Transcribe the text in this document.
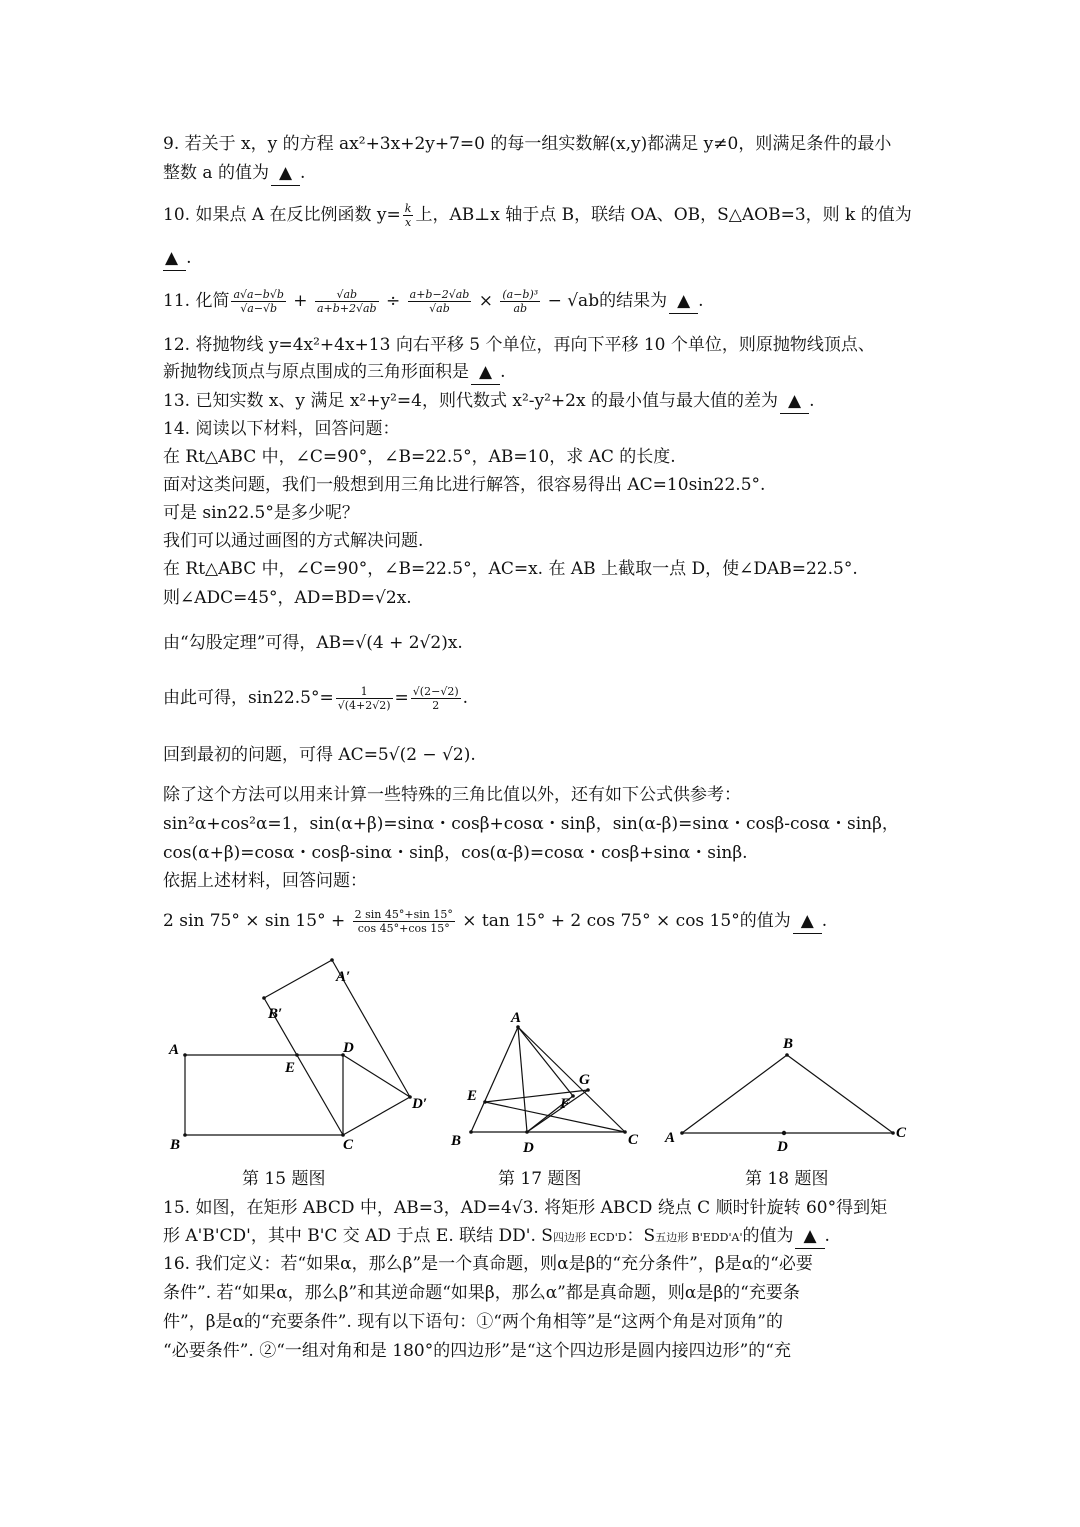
9. 若关于 x，y 的方程 ax²+3x+2y+7=0 的每一组实数解(x,y)都满足 y≠0，则满足条件的最小
整数 a 的值为 ▲ .
10. 如果点 A 在反比例函数 $y= \frac{k}{x}$ 上，AB⊥x 轴于点 B，联结 OA、OB，S△AOB=3，则 k 的值为
▲ .
11. 化简 $\frac{a√a-b√b}{√a-√b} + \frac{√ab}{a+b+2√ab} \div \frac{a+b-2√ab}{√ab} \times \frac{\text{(a−b)³}}{ab} - √ab$的结果为 ▲ .
12. 将抛物线 y=4x²+4x+13 向右平移 5 个单位，再向下平移 10 个单位，则原抛物线顶点、
新抛物线顶点与原点围成的三角形面积是 ▲ .
13. 已知实数 x、y 满足 x²+y²=4，则代数式 x²-y²+2x 的最小值与最大值的差为 ▲ .
14. 阅读以下材料，回答问题：
在 Rt△ABC 中，∠C=90°，∠B=22.5°，AB=10，求 AC 的长度.
面对这类问题，我们一般想到用三角比进行解答，很容易得出 AC=10sin22.5°.
可是 sin22.5°是多少呢？
我们可以通过画图的方式解决问题.
在 Rt△ABC 中，∠C=90°，∠B=22.5°，AC=x. 在 AB 上截取一点 D，使∠DAB=22.5°.
则∠ADC=45°，AD=BD=√2x.
由“勾股定理”可得，AB=√(4 + 2√2)x.
由此可得，$\sin 22.5^\circ= \frac{1}{√(4+2√2)} = \frac{√(2-√2)}{2}$ .
回到最初的问题，可得 AC=5√(2 − √2).
除了这个方法可以用来计算一些特殊的三角比值以外，还有如下公式供参考：
sin²α+cos²α=1，sin(α+β)=sinα・cosβ+cosα・sinβ，sin(α-β)=sinα・cosβ-cosα・sinβ，
cos(α+β)=cosα・cosβ-sinα・sinβ，cos(α-β)=cosα・cosβ+sinα・sinβ.
依据上述材料，回答问题：
2 $\sin 75^\circ \times \sin 15^\circ + \frac{2 \sin 45^\circ+\sin 15^\circ}{\cos 45^\circ+\cos 15^\circ} \times \tan 15^\circ + 2$ cos 75° × cos 15°的值为 ▲ .
A
B	C
D
E
A′
B′
D′
第 15 题图
A
B	C
D
E	F
G
第 17 题图
A
B
C
D
第 18 题图
15. 如图，在矩形 ABCD 中，AB=3，AD=4√3. 将矩形 ABCD 绕点 C 顺时针旋转 60°得到矩
形 A'B'CD'，其中 B'C 交 AD 于点 E. 联结 DD'. S四边形 ECD'D：S五边形 B'EDD'A'的值为 ▲ .
16. 我们定义：若“如果α，那么β”是一个真命题，则α是β的“充分条件”，β是α的“必要
条件”. 若“如果α，那么β”和其逆命题“如果β，那么α”都是真命题，则α是β的“充要条
件”，β是α的“充要条件”. 现有以下语句：①“两个角相等”是“这两个角是对顶角”的
“必要条件”. ②“一组对角和是 180°的四边形”是“这个四边形是圆内接四边形”的“充
